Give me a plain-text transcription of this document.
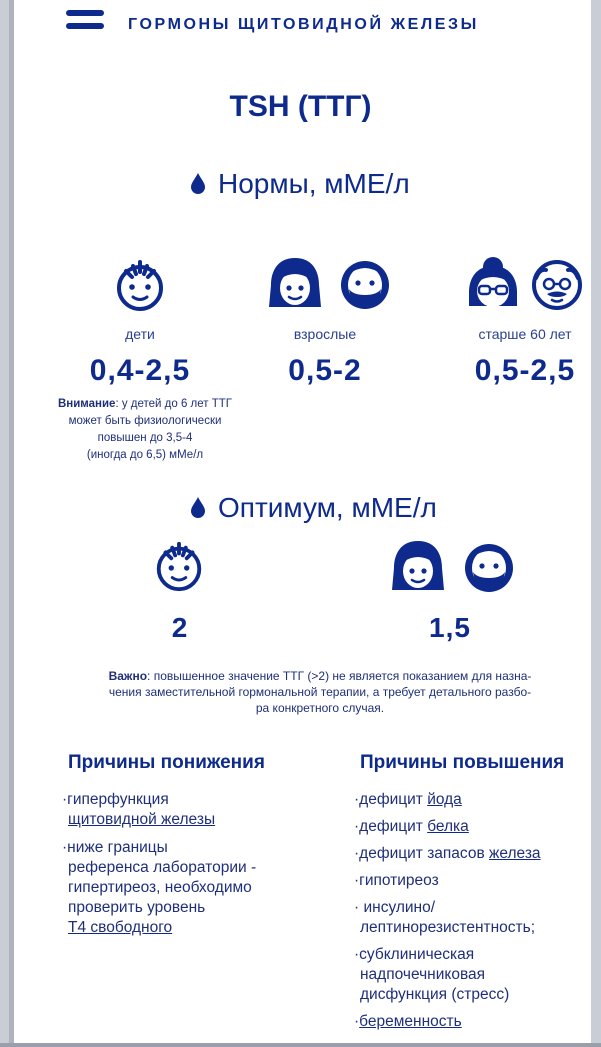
ГОРМОНЫ ЩИТОВИДНОЙ ЖЕЛЕЗЫ
TSH (ТТГ)
Нормы, мМЕ/л
дети	взрослые	старше 60 лет
0,4-2,5	0,5-2	0,5-2,5
Внимание: у детей до 6 лет ТТГ
может быть физиологически
повышен до 3,5-4
(иногда до 6,5) мМе/л
Оптимум, мМЕ/л
2	1,5
Важно: повышенное значение ТТГ (>2) не является показанием для назна-
чения заместительной гормональной терапии, а требует детального разбо-
ра конкретного случая.
Причины понижения
·гиперфункция
щитовидной железы
·ниже границы
референса лаборатории -
гипертиреоз, необходимо
проверить уровень
Т4 свободного
Причины повышения
·дефицит йода
·дефицит белка
·дефицит запасов железа
·гипотиреоз
· инсулино/
лептинорезистентность;
·субклиническая
надпочечниковая
дисфункция (стресс)
·беременность
